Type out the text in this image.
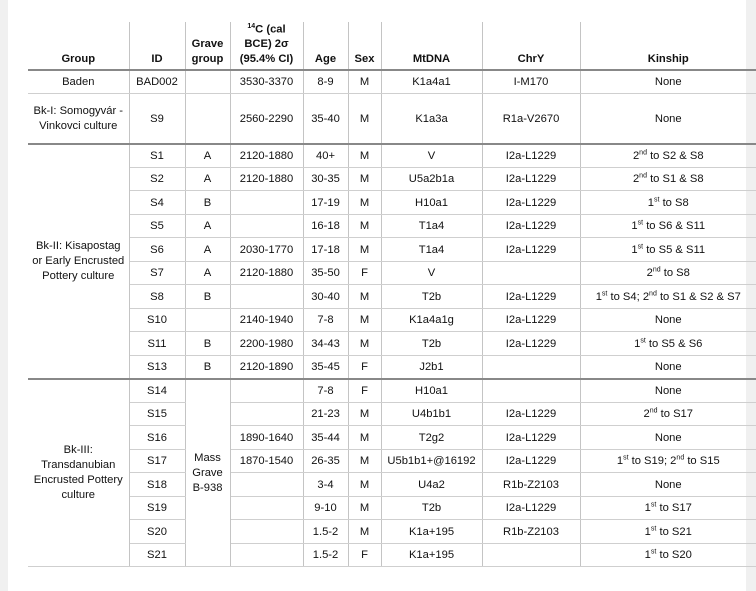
Group	ID	Grave group	$^{14}$C (cal BCE) 2σ (95.4% CI)	Age	Sex	MtDNA	ChrY	Kinship
Baden	BAD002		3530-3370	8-9	M	K1a4a1	I-M170	None
Bk-I: Somogyvár - Vinkovci culture	S9		2560-2290	35-40	M	K1a3a	R1a-V2670	None
Bk-II: Kisapostag or Early Encrusted Pottery culture	S1	A	2120-1880	40+	M	V	I2a-L1229	2nd to S2 & S8
	S2	A	2120-1880	30-35	M	U5a2b1a	I2a-L1229	2nd to S1 & S8
	S4	B		17-19	M	H10a1	I2a-L1229	1st to S8
	S5	A		16-18	M	T1a4	I2a-L1229	1st to S6 & S11
	S6	A	2030-1770	17-18	M	T1a4	I2a-L1229	1st to S5 & S11
	S7	A	2120-1880	35-50	F	V		2nd to S8
	S8	B		30-40	M	T2b	I2a-L1229	1st to S4; 2nd to S1 & S2 & S7
	S10		2140-1940	7-8	M	K1a4a1g	I2a-L1229	None
	S11	B	2200-1980	34-43	M	T2b	I2a-L1229	1st to S5 & S6
	S13	B	2120-1890	35-45	F	J2b1		None
Bk-III: Transdanubian Encrusted Pottery culture	S14	Mass Grave B-938		7-8	F	H10a1		None
	S15			21-23	M	U4b1b1	I2a-L1229	2nd to S17
	S16		1890-1640	35-44	M	T2g2	I2a-L1229	None
	S17		1870-1540	26-35	M	U5b1b1+@16192	I2a-L1229	1st to S19; 2nd to S15
	S18			3-4	M	U4a2	R1b-Z2103	None
	S19			9-10	M	T2b	I2a-L1229	1st to S17
	S20			1.5-2	M	K1a+195	R1b-Z2103	1st to S21
	S21			1.5-2	F	K1a+195		1st to S20
